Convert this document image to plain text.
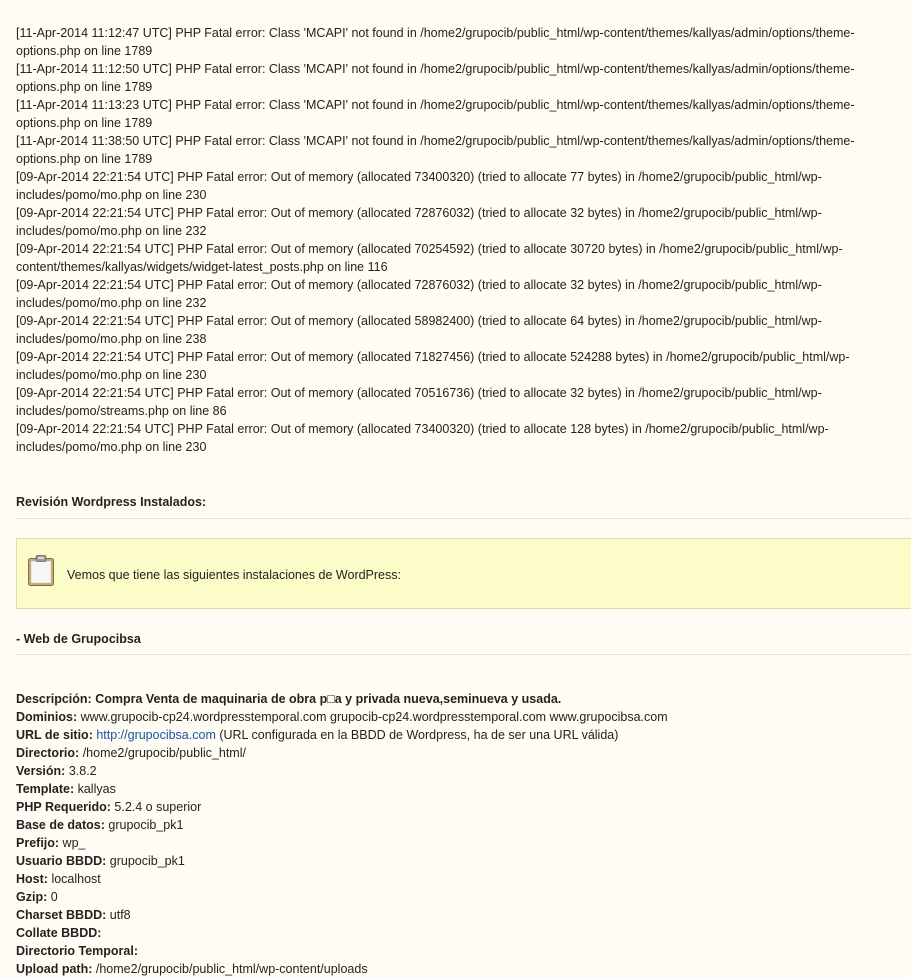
[11-Apr-2014 11:12:47 UTC] PHP Fatal error: Class 'MCAPI' not found in /home2/grupocib/public_html/wp-content/themes/kallyas/admin/options/theme-
options.php on line 1789
[11-Apr-2014 11:12:50 UTC] PHP Fatal error: Class 'MCAPI' not found in /home2/grupocib/public_html/wp-content/themes/kallyas/admin/options/theme-
options.php on line 1789
[11-Apr-2014 11:13:23 UTC] PHP Fatal error: Class 'MCAPI' not found in /home2/grupocib/public_html/wp-content/themes/kallyas/admin/options/theme-
options.php on line 1789
[11-Apr-2014 11:38:50 UTC] PHP Fatal error: Class 'MCAPI' not found in /home2/grupocib/public_html/wp-content/themes/kallyas/admin/options/theme-
options.php on line 1789
[09-Apr-2014 22:21:54 UTC] PHP Fatal error: Out of memory (allocated 73400320) (tried to allocate 77 bytes) in /home2/grupocib/public_html/wp-
includes/pomo/mo.php on line 230
[09-Apr-2014 22:21:54 UTC] PHP Fatal error: Out of memory (allocated 72876032) (tried to allocate 32 bytes) in /home2/grupocib/public_html/wp-
includes/pomo/mo.php on line 232
[09-Apr-2014 22:21:54 UTC] PHP Fatal error: Out of memory (allocated 70254592) (tried to allocate 30720 bytes) in /home2/grupocib/public_html/wp-
content/themes/kallyas/widgets/widget-latest_posts.php on line 116
[09-Apr-2014 22:21:54 UTC] PHP Fatal error: Out of memory (allocated 72876032) (tried to allocate 32 bytes) in /home2/grupocib/public_html/wp-
includes/pomo/mo.php on line 232
[09-Apr-2014 22:21:54 UTC] PHP Fatal error: Out of memory (allocated 58982400) (tried to allocate 64 bytes) in /home2/grupocib/public_html/wp-
includes/pomo/mo.php on line 238
[09-Apr-2014 22:21:54 UTC] PHP Fatal error: Out of memory (allocated 71827456) (tried to allocate 524288 bytes) in /home2/grupocib/public_html/wp-
includes/pomo/mo.php on line 230
[09-Apr-2014 22:21:54 UTC] PHP Fatal error: Out of memory (allocated 70516736) (tried to allocate 32 bytes) in /home2/grupocib/public_html/wp-
includes/pomo/streams.php on line 86
[09-Apr-2014 22:21:54 UTC] PHP Fatal error: Out of memory (allocated 73400320) (tried to allocate 128 bytes) in /home2/grupocib/public_html/wp-
includes/pomo/mo.php on line 230
Revisión Wordpress Instalados:
Vemos que tiene las siguientes instalaciones de WordPress:
- Web de Grupocibsa
Descripción: Compra Venta de maquinaria de obra p□a y privada nueva,seminueva y usada.
Dominios: www.grupocib-cp24.wordpresstemporal.com grupocib-cp24.wordpresstemporal.com www.grupocibsa.com
URL de sitio: http://grupocibsa.com (URL configurada en la BBDD de Wordpress, ha de ser una URL válida)
Directorio: /home2/grupocib/public_html/
Versión: 3.8.2
Template: kallyas
PHP Requerido: 5.2.4 o superior
Base de datos: grupocib_pk1
Prefijo: wp_
Usuario BBDD: grupocib_pk1
Host: localhost
Gzip: 0
Charset BBDD: utf8
Collate BBDD:
Directorio Temporal:
Upload path: /home2/grupocib/public_html/wp-content/uploads
